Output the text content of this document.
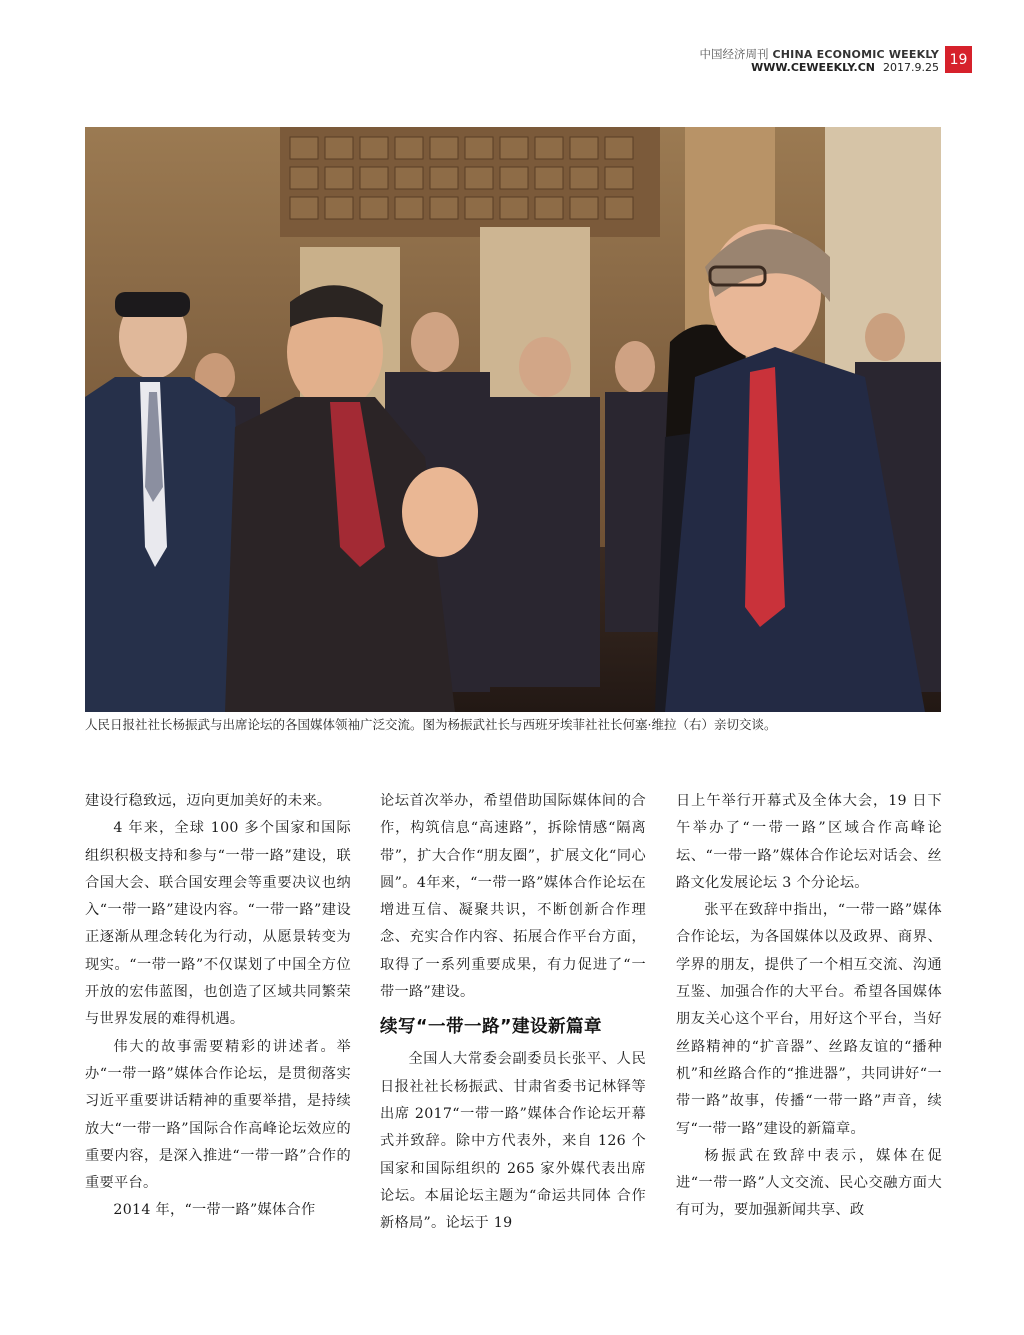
中国经济周刊 CHINA ECONOMIC WEEKLY
WWW.CEWEEKLY.CN 2017.9.25 19
人民日报社社长杨振武与出席论坛的各国媒体领袖广泛交流。图为杨振武社长与西班牙埃菲社社长何塞·维拉（右）亲切交谈。

建设行稳致远，迈向更加美好的未来。

4 年来，全球 100 多个国家和国际组织积极支持和参与“一带一路”建设，联合国大会、联合国安理会等重要决议也纳入“一带一路”建设内容。“一带一路”建设正逐渐从理念转化为行动，从愿景转变为现实。“一带一路”不仅谋划了中国全方位开放的宏伟蓝图，也创造了区域共同繁荣与世界发展的难得机遇。

伟大的故事需要精彩的讲述者。举办“一带一路”媒体合作论坛，是贯彻落实习近平重要讲话精神的重要举措，是持续放大“一带一路”国际合作高峰论坛效应的重要内容，是深入推进“一带一路”合作的重要平台。

2014 年，“一带一路”媒体合作

论坛首次举办，希望借助国际媒体间的合作，构筑信息“高速路”，拆除情感“隔离带”，扩大合作“朋友圈”，扩展文化“同心圆”。4年来，“一带一路”媒体合作论坛在增进互信、凝聚共识，不断创新合作理念、充实合作内容、拓展合作平台方面，取得了一系列重要成果，有力促进了“一带一路”建设。

续写“一带一路”建设新篇章

全国人大常委会副委员长张平、人民日报社社长杨振武、甘肃省委书记林铎等出席 2017“一带一路”媒体合作论坛开幕式并致辞。除中方代表外，来自 126 个国家和国际组织的 265 家外媒代表出席论坛。本届论坛主题为“命运共同体 合作新格局”。论坛于 19

日上午举行开幕式及全体大会，19 日下午举办了“一带一路”区域合作高峰论坛、“一带一路”媒体合作论坛对话会、丝路文化发展论坛 3 个分论坛。

张平在致辞中指出，“一带一路”媒体合作论坛，为各国媒体以及政界、商界、学界的朋友，提供了一个相互交流、沟通互鉴、加强合作的大平台。希望各国媒体朋友关心这个平台，用好这个平台，当好丝路精神的“扩音器”、丝路友谊的“播种机”和丝路合作的“推进器”，共同讲好“一带一路”故事，传播“一带一路”声音，续写“一带一路”建设的新篇章。

杨振武在致辞中表示，媒体在促进“一带一路”人文交流、民心交融方面大有可为，要加强新闻共享、政
